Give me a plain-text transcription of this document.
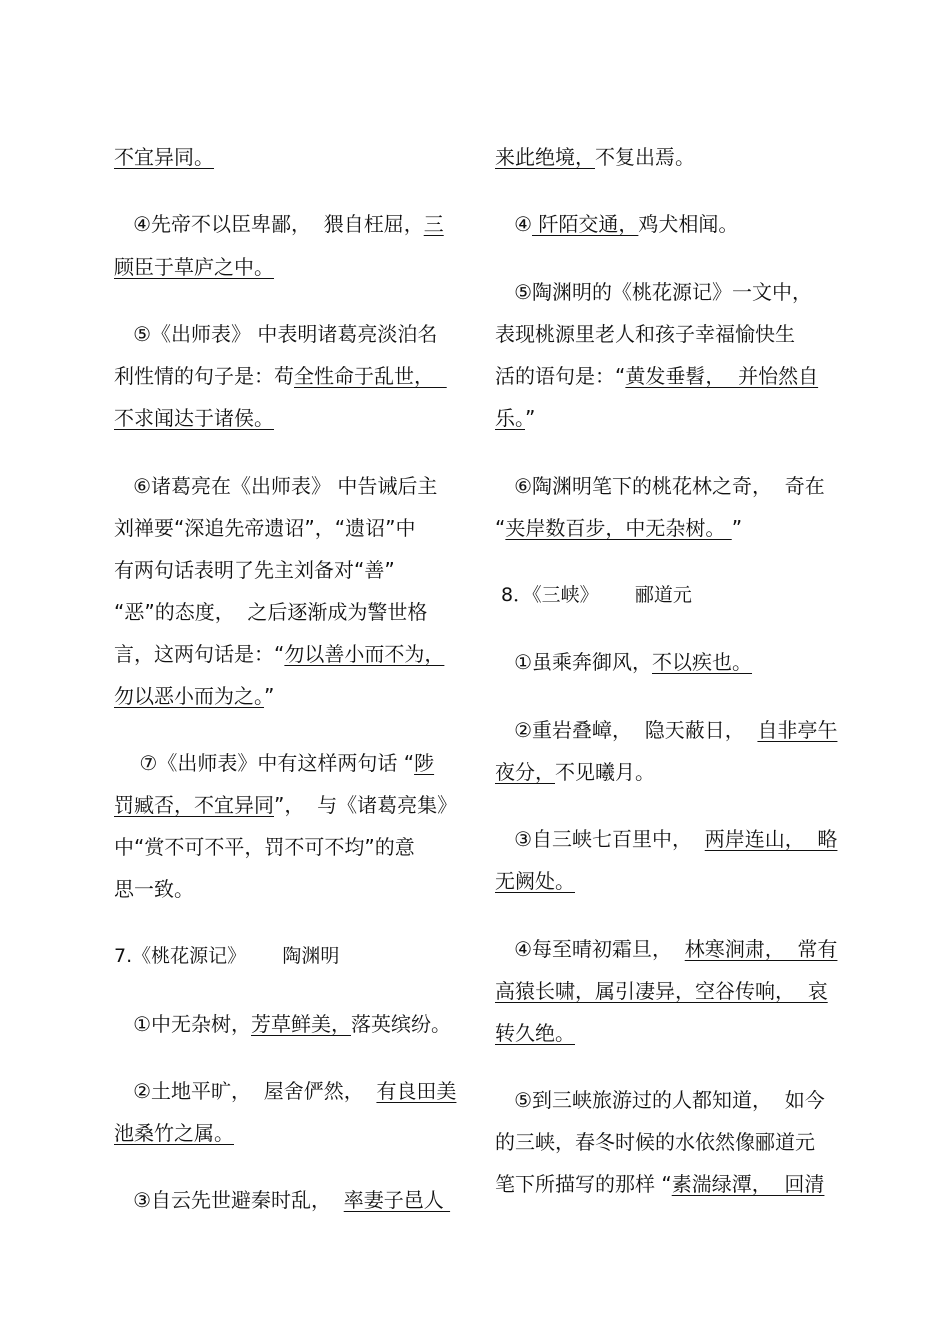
不宜异同。
④先帝不以臣卑鄙，  猥自枉屈，三
顾臣于草庐之中。
⑤《出师表》 中表明诸葛亮淡泊名
利性情的句子是：苟全性命于乱世，
不求闻达于诸侯。
⑥诸葛亮在《出师表》 中告诫后主
刘禅要“深追先帝遗诏”，“遗诏”中
有两句话表明了先主刘备对“善”
“恶”的态度，  之后逐渐成为警世格
言，这两句话是：“勿以善小而不为，
勿以恶小而为之。”
⑦《出师表》中有这样两句话 “陟
罚臧否，不宜异同”，  与《诸葛亮集》
中“赏不可不平，罚不可不均”的意
思一致。
7.《桃花源记》      陶渊明
①中无杂树，芳草鲜美，落英缤纷。
②土地平旷，  屋舍俨然，  有良田美
池桑竹之属。
③自云先世避秦时乱，  率妻子邑人
来此绝境，不复出焉。
④ 阡陌交通，鸡犬相闻。
⑤陶渊明的《桃花源记》一文中，
表现桃源里老人和孩子幸福愉快生
活的语句是：“黄发垂髫，  并怡然自
乐。”
⑥陶渊明笔下的桃花林之奇，  奇在
“夹岸数百步，中无杂树。 ”
8．《三峡》      郦道元
①虽乘奔御风，不以疾也。
②重岩叠嶂，  隐天蔽日，  自非亭午
夜分，不见曦月。
③自三峡七百里中，  两岸连山，  略
无阙处。
④每至晴初霜旦，  林寒涧肃，  常有
高猿长啸，属引凄异，空谷传响，  哀
转久绝。
⑤到三峡旅游过的人都知道，  如今
的三峡，春冬时候的水依然像郦道元
笔下所描写的那样 “素湍绿潭，  回清
